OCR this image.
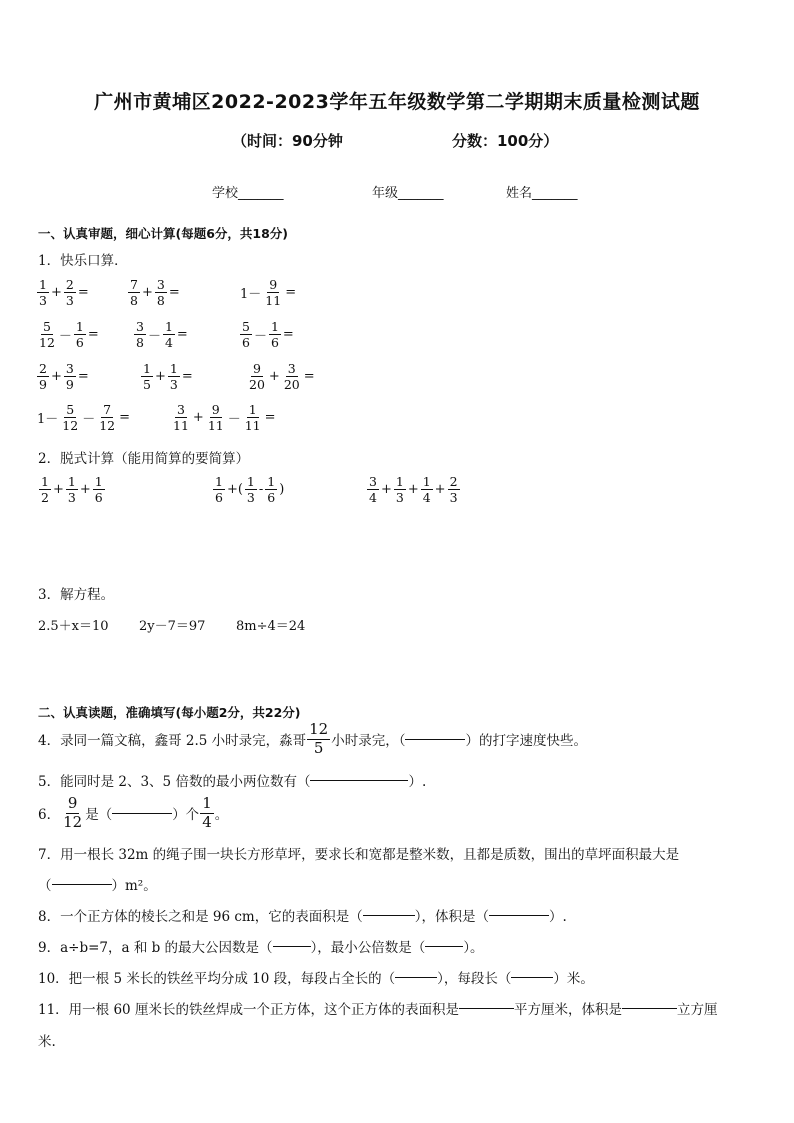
广州市黄埔区2022-2023学年五年级数学第二学期期末质量检测试题
（时间：90分钟	分数：100分）
学校_______	年级_______	姓名_______
一、认真审题，细心计算(每题6分，共18分)
1．快乐口算．
$\frac{1}{3} + \frac{2}{3}$ =	$\frac{7}{8} + \frac{3}{8}$ =	$1- \frac{9}{11}$ =
$\frac{5}{12} - \frac{1}{6}$ =	$\frac{3}{8} - \frac{1}{4}$ =	$\frac{5}{6} - \frac{1}{6}$ =
$\frac{2}{9} + \frac{3}{9}$ =	$\frac{1}{5} + \frac{1}{3}$ =	$\frac{9}{20} + \frac{3}{20}$ =
$1- \frac{5}{12} - \frac{7}{12}$ =	$\frac{3}{11} + \frac{9}{11} - \frac{1}{11}$ =
2．脱式计算（能用简算的要简算）
$\frac{1}{2} + \frac{1}{3} + \frac{1}{6}$	$\frac{1}{6}$ +( $\frac{1}{3} - \frac{1}{6}$ )	$\frac{3}{4} + \frac{1}{3} + \frac{1}{4} + \frac{2}{3}$
3．解方程。
2.5＋x＝10 2y－7＝97 8m÷4＝24
二、认真读题，准确填写(每小题2分，共22分)
4．录同一篇文稿，鑫哥 2.5 小时录完，淼哥 $\frac{12}{5}$ 小时录完，（	）的打字速度快些。
5．能同时是 2、3、5 倍数的最小两位数有（	）.
6． $\frac{9}{12}$ 是（	）个 $\frac{1}{4}$ 。
7．用一根长 32m 的绳子围一块长方形草坪，要求长和宽都是整米数，且都是质数，围出的草坪面积最大是
（	）m²。
8．一个正方体的棱长之和是 96 cm，它的表面积是（	），体积是（	）.
9．a÷b=7，a 和 b 的最大公因数是（	），最小公倍数是（	）。
10．把一根 5 米长的铁丝平均分成 10 段，每段占全长的（	），每段长（	）米。
11．用一根 60 厘米长的铁丝焊成一个正方体，这个正方体的表面积是	平方厘米，体积是	立方厘
米.
